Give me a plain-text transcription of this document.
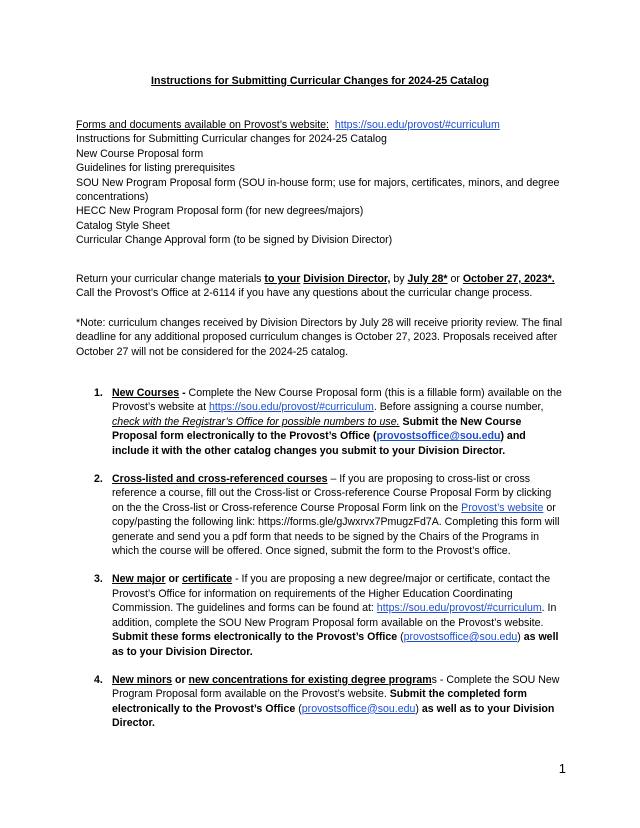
Instructions for Submitting Curricular Changes for 2024-25 Catalog
Forms and documents available on Provost’s website: https://sou.edu/provost/#curriculum
Instructions for Submitting Curricular changes for 2024-25 Catalog
New Course Proposal form
Guidelines for listing prerequisites
SOU New Program Proposal form (SOU in-house form; use for majors, certificates, minors, and degree concentrations)
HECC New Program Proposal form (for new degrees/majors)
Catalog Style Sheet
Curricular Change Approval form (to be signed by Division Director)
Return your curricular change materials to your Division Director, by July 28* or October 27, 2023*. Call the Provost’s Office at 2-6114 if you have any questions about the curricular change process.
*Note: curriculum changes received by Division Directors by July 28 will receive priority review. The final deadline for any additional proposed curriculum changes is October 27, 2023. Proposals received after October 27 will not be considered for the 2024-25 catalog.
1. New Courses - Complete the New Course Proposal form (this is a fillable form) available on the Provost’s website at https://sou.edu/provost/#curriculum. Before assigning a course number, check with the Registrar’s Office for possible numbers to use. Submit the New Course Proposal form electronically to the Provost’s Office (provostsoffice@sou.edu) and include it with the other catalog changes you submit to your Division Director.
2. Cross-listed and cross-referenced courses – If you are proposing to cross-list or cross reference a course, fill out the Cross-list or Cross-reference Course Proposal Form by clicking on the the Cross-list or Cross-reference Course Proposal Form link on the Provost’s website or copy/pasting the following link: https://forms.gle/gJwxrvx7PmugzFd7A. Completing this form will generate and send you a pdf form that needs to be signed by the Chairs of the Programs in which the course will be offered. Once signed, submit the form to the Provost’s office.
3. New major or certificate - If you are proposing a new degree/major or certificate, contact the Provost’s Office for information on requirements of the Higher Education Coordinating Commission. The guidelines and forms can be found at: https://sou.edu/provost/#curriculum. In addition, complete the SOU New Program Proposal form available on the Provost’s website. Submit these forms electronically to the Provost’s Office (provostsoffice@sou.edu) as well as to your Division Director.
4. New minors or new concentrations for existing degree programs - Complete the SOU New Program Proposal form available on the Provost’s website. Submit the completed form electronically to the Provost’s Office (provostsoffice@sou.edu) as well as to your Division Director.
1
